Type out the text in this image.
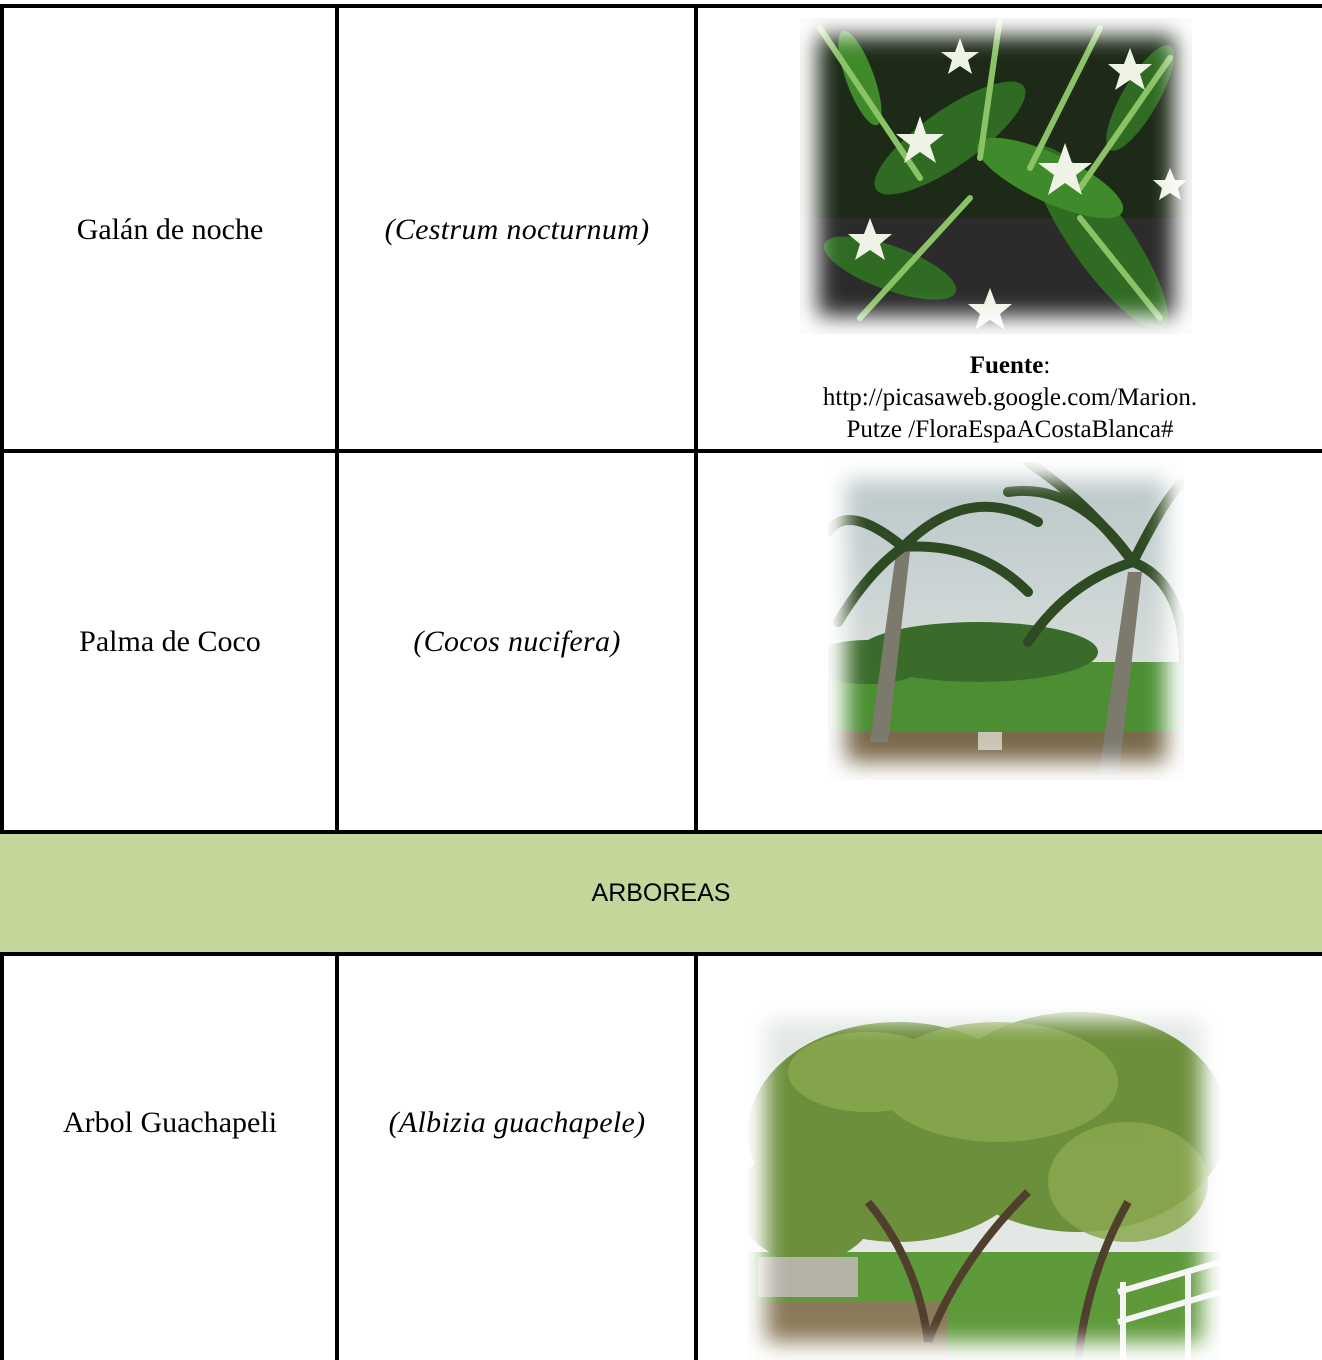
Galán de noche	(Cestrum nocturnum)
Fuente:
http://picasaweb.google.com/Marion.
Putze /FloraEspaACostaBlanca#
Palma de Coco	(Cocos nucifera)
ARBOREAS
Arbol Guachapeli	(Albizia guachapele)
